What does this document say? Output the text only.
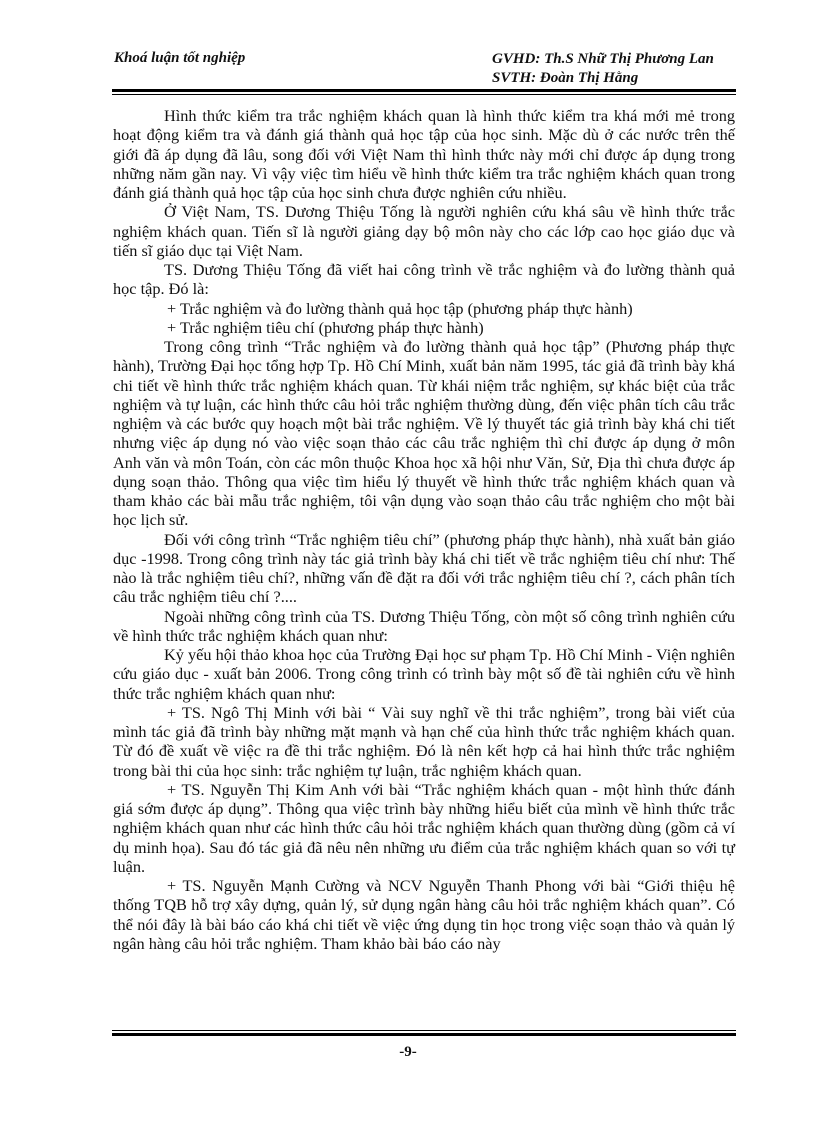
Khoá luận tốt nghiệp	GVHD: Th.S Nhữ Thị Phương Lan
SVTH: Đoàn Thị Hằng

Hình thức kiểm tra trắc nghiệm khách quan là hình thức kiểm tra khá mới mẻ trong hoạt động kiểm tra và đánh giá thành quả học tập của học sinh. Mặc dù ở các nước trên thế giới đã áp dụng đã lâu, song đối với Việt Nam thì hình thức này mới chỉ được áp dụng trong những năm gần nay. Vì vậy việc tìm hiểu về hình thức kiểm tra trắc nghiệm khách quan trong đánh giá thành quả học tập của học sinh chưa được nghiên cứu nhiều.

Ở Việt Nam, TS. Dương Thiệu Tống là người nghiên cứu khá sâu về hình thức trắc nghiệm khách quan. Tiến sĩ là người giảng dạy bộ môn này cho các lớp cao học giáo dục và tiến sĩ giáo dục tại Việt Nam.

TS. Dương Thiệu Tống đã viết hai công trình về trắc nghiệm và đo lường thành quả học tập. Đó là:

+ Trắc nghiệm và đo lường thành quả học tập (phương pháp thực hành)

+ Trắc nghiệm tiêu chí (phương pháp thực hành)

Trong công trình “Trắc nghiệm và đo lường thành quả học tập” (Phương pháp thực hành), Trường Đại học tổng hợp Tp. Hồ Chí Minh, xuất bản năm 1995, tác giả đã trình bày khá chi tiết về hình thức trắc nghiệm khách quan. Từ khái niệm trắc nghiệm, sự khác biệt của trắc nghiệm và tự luận, các hình thức câu hỏi trắc nghiệm thường dùng, đến việc phân tích câu trắc nghiệm và các bước quy hoạch một bài trắc nghiệm. Về lý thuyết tác giả trình bày khá chi tiết nhưng việc áp dụng nó vào việc soạn thảo các câu trắc nghiệm thì chỉ được áp dụng ở môn Anh văn và môn Toán, còn các môn thuộc Khoa học xã hội như Văn, Sử, Địa thì chưa được áp dụng soạn thảo. Thông qua việc tìm hiểu lý thuyết về hình thức trắc nghiệm khách quan và tham khảo các bài mẫu trắc nghiệm, tôi vận dụng vào soạn thảo câu trắc nghiệm cho một bài học lịch sử.

Đối với công trình “Trắc nghiệm tiêu chí” (phương pháp thực hành), nhà xuất bản giáo dục -1998. Trong công trình này tác giả trình bày khá chi tiết về trắc nghiệm tiêu chí như: Thế nào là trắc nghiệm tiêu chí?, những vấn đề đặt ra đối với trắc nghiệm tiêu chí ?, cách phân tích câu trắc nghiệm tiêu chí ?....

Ngoài những công trình của TS. Dương Thiệu Tống, còn một số công trình nghiên cứu về hình thức trắc nghiệm khách quan như:

Kỷ yếu hội thảo khoa học của Trường Đại học sư phạm Tp. Hồ Chí Minh - Viện nghiên cứu giáo dục - xuất bản 2006. Trong công trình có trình bày một số đề tài nghiên cứu về hình thức trắc nghiệm khách quan như:

+ TS. Ngô Thị Minh với bài “ Vài suy nghĩ về thi trắc nghiệm”, trong bài viết của mình tác giả đã trình bày những mặt mạnh và hạn chế của hình thức trắc nghiệm khách quan. Từ đó đề xuất về việc ra đề thi trắc nghiệm. Đó là nên kết hợp cả hai hình thức trắc nghiệm trong bài thi của học sinh: trắc nghiệm tự luận, trắc nghiệm khách quan.

+ TS. Nguyễn Thị Kim Anh với bài “Trắc nghiệm khách quan - một hình thức đánh giá sớm được áp dụng”. Thông qua việc trình bày những hiểu biết của mình về hình thức trắc nghiệm khách quan như các hình thức câu hỏi trắc nghiệm khách quan thường dùng (gồm cả ví dụ minh họa). Sau đó tác giả đã nêu nên những ưu điểm của trắc nghiệm khách quan so với tự luận.

+ TS. Nguyễn Mạnh Cường và NCV Nguyễn Thanh Phong với bài “Giới thiệu hệ thống TQB hỗ trợ xây dựng, quản lý, sử dụng ngân hàng câu hỏi trắc nghiệm khách quan”. Có thể nói đây là bài báo cáo khá chi tiết về việc ứng dụng tin học trong việc soạn thảo và quản lý ngân hàng câu hỏi trắc nghiệm. Tham khảo bài báo cáo này

-9-
